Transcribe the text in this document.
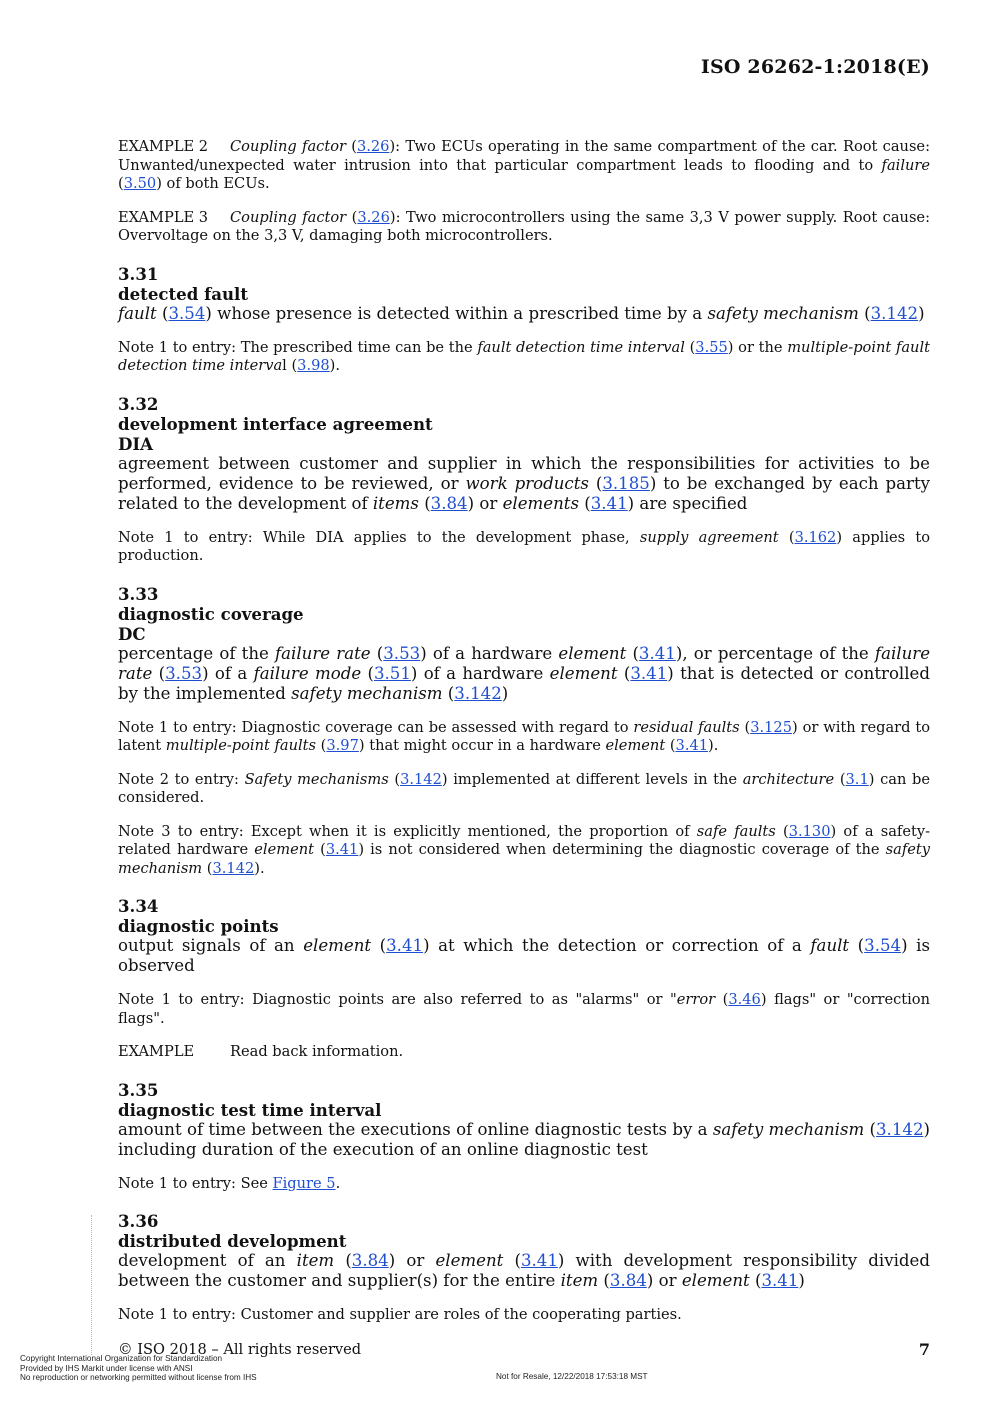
ISO 26262-1:2018(E)

EXAMPLE 2 Coupling factor (3.26): Two ECUs operating in the same compartment of the car. Root cause: Unwanted/unexpected water intrusion into that particular compartment leads to flooding and to failure (3.50) of both ECUs.

EXAMPLE 3 Coupling factor (3.26): Two microcontrollers using the same 3,3 V power supply. Root cause: Overvoltage on the 3,3 V, damaging both microcontrollers.

3.31
detected fault

fault (3.54) whose presence is detected within a prescribed time by a safety mechanism (3.142)

Note 1 to entry: The prescribed time can be the fault detection time interval (3.55) or the multiple-point fault detection time interval (3.98).

3.32
development interface agreement
DIA

agreement between customer and supplier in which the responsibilities for activities to be performed, evidence to be reviewed, or work products (3.185) to be exchanged by each party related to the development of items (3.84) or elements (3.41) are specified

Note 1 to entry: While DIA applies to the development phase, supply agreement (3.162) applies to production.

3.33
diagnostic coverage
DC

percentage of the failure rate (3.53) of a hardware element (3.41), or percentage of the failure rate (3.53) of a failure mode (3.51) of a hardware element (3.41) that is detected or controlled by the implemented safety mechanism (3.142)

Note 1 to entry: Diagnostic coverage can be assessed with regard to residual faults (3.125) or with regard to latent multiple-point faults (3.97) that might occur in a hardware element (3.41).

Note 2 to entry: Safety mechanisms (3.142) implemented at different levels in the architecture (3.1) can be considered.

Note 3 to entry: Except when it is explicitly mentioned, the proportion of safe faults (3.130) of a safety-related hardware element (3.41) is not considered when determining the diagnostic coverage of the safety mechanism (3.142).

3.34
diagnostic points

output signals of an element (3.41) at which the detection or correction of a fault (3.54) is observed

Note 1 to entry: Diagnostic points are also referred to as "alarms" or "error (3.46) flags" or "correction flags".

EXAMPLE Read back information.

3.35
diagnostic test time interval

amount of time between the executions of online diagnostic tests by a safety mechanism (3.142) including duration of the execution of an online diagnostic test

Note 1 to entry: See Figure 5.

3.36
distributed development

development of an item (3.84) or element (3.41) with development responsibility divided between the customer and supplier(s) for the entire item (3.84) or element (3.41)

Note 1 to entry: Customer and supplier are roles of the cooperating parties.

© ISO 2018 – All rights reserved	7
Copyright International Organization for Standardization
Provided by IHS Markit under license with ANSI
No reproduction or networking permitted without license from IHS	Not for Resale, 12/22/2018 17:53:18 MST
